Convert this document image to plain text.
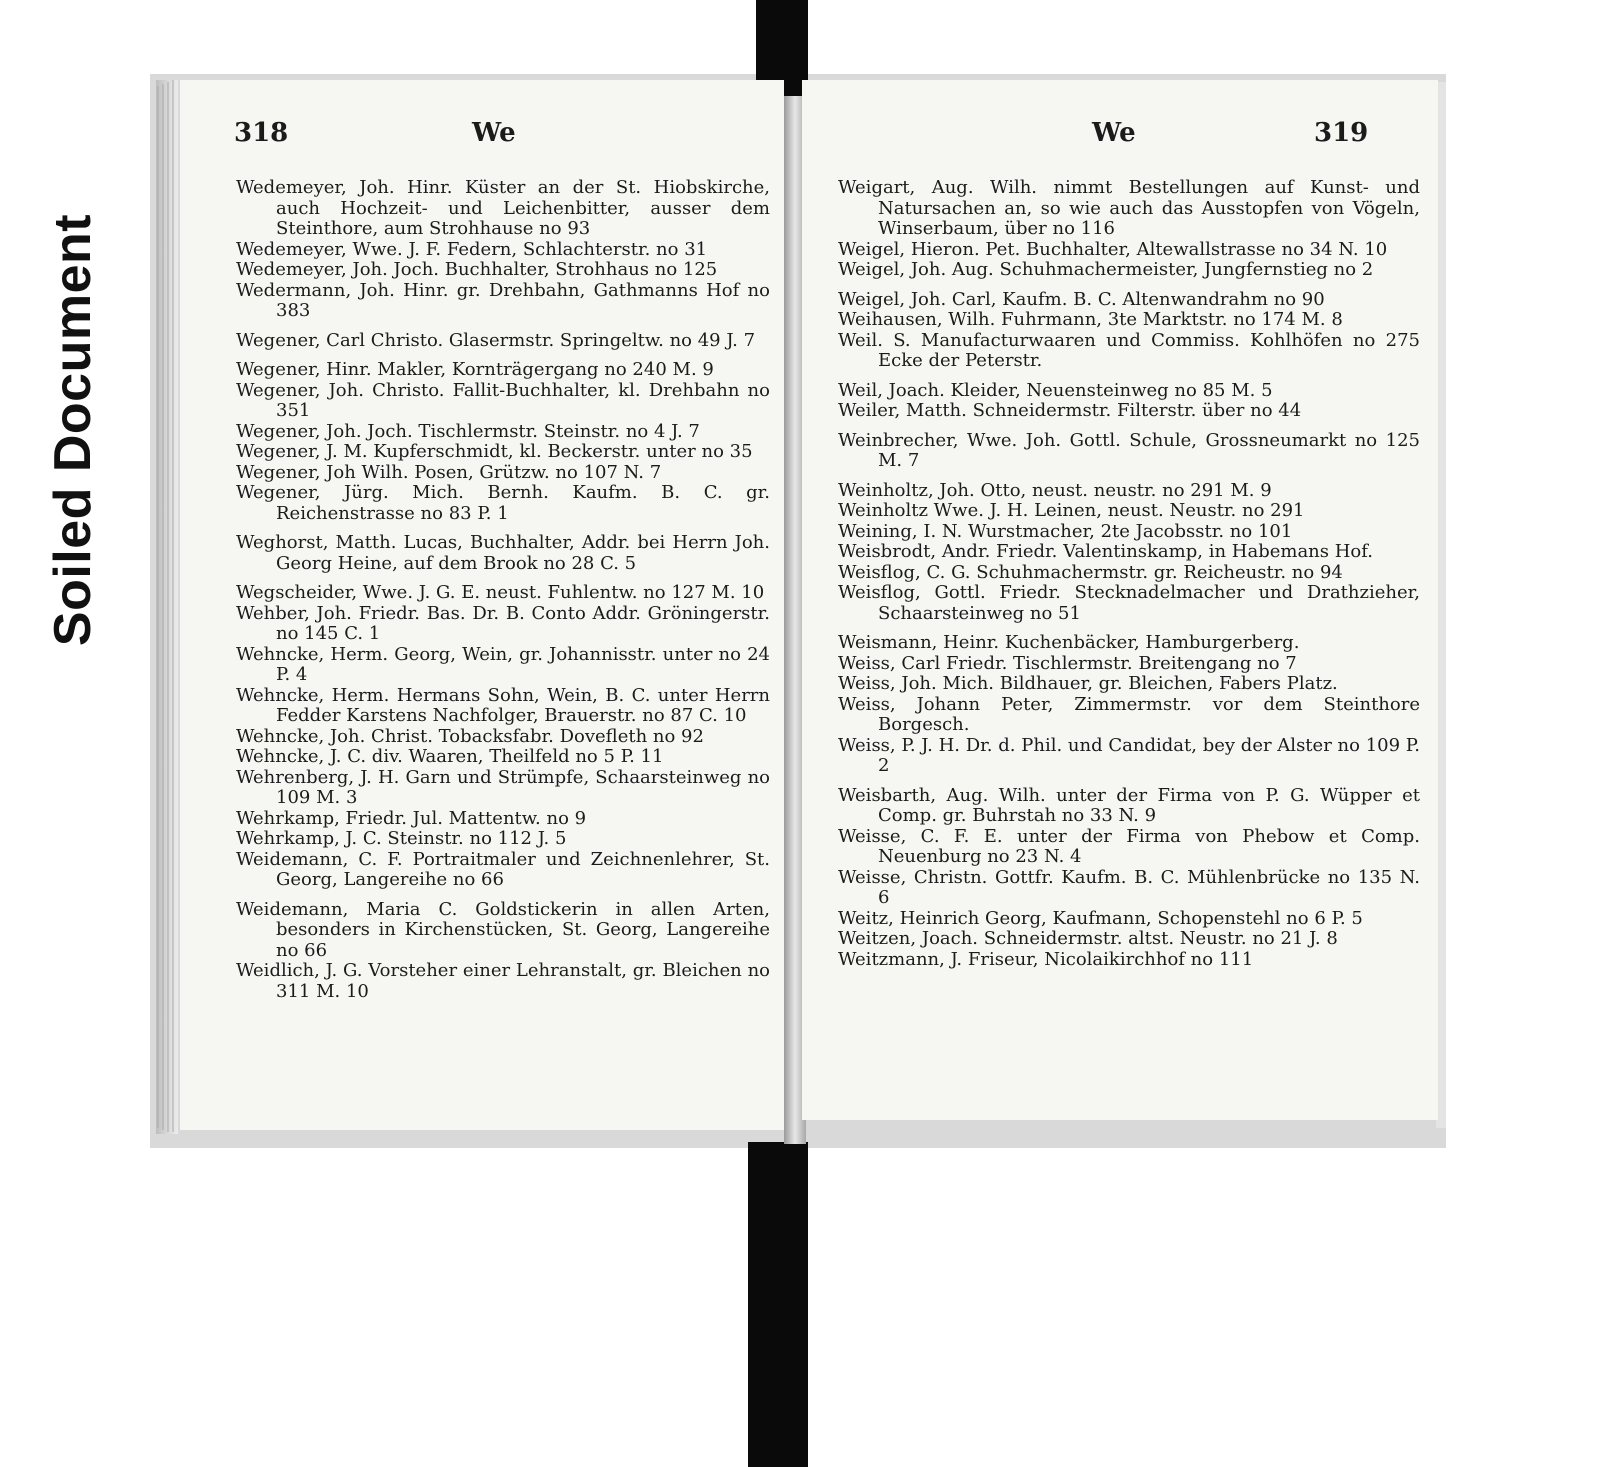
Soiled Document
318	We
Wedemeyer, Joh. Hinr. Küster an der St. Hiobskirche, auch Hochzeit- und Leichenbitter, ausser dem Steinthore, aum Strohhause no 93
Wedemeyer, Wwe. J. F. Federn, Schlachterstr. no 31
Wedemeyer, Joh. Joch. Buchhalter, Strohhaus no 125
Wedermann, Joh. Hinr. gr. Drehbahn, Gathmanns Hof no 383
Wegener, Carl Christo. Glasermstr. Springeltw. no 49 J. 7
Wegener, Hinr. Makler, Kornträgergang no 240 M. 9
Wegener, Joh. Christo. Fallit-Buchhalter, kl. Drehbahn no 351
Wegener, Joh. Joch. Tischlermstr. Steinstr. no 4 J. 7
Wegener, J. M. Kupferschmidt, kl. Beckerstr. unter no 35
Wegener, Joh Wilh. Posen, Grützw. no 107 N. 7
Wegener, Jürg. Mich. Bernh. Kaufm. B. C. gr. Reichenstrasse no 83 P. 1
Weghorst, Matth. Lucas, Buchhalter, Addr. bei Herrn Joh. Georg Heine, auf dem Brook no 28 C. 5
Wegscheider, Wwe. J. G. E. neust. Fuhlentw. no 127 M. 10
Wehber, Joh. Friedr. Bas. Dr. B. Conto Addr. Gröningerstr. no 145 C. 1
Wehncke, Herm. Georg, Wein, gr. Johannisstr. unter no 24 P. 4
Wehncke, Herm. Hermans Sohn, Wein, B. C. unter Herrn Fedder Karstens Nachfolger, Brauerstr. no 87 C. 10
Wehncke, Joh. Christ. Tobacksfabr. Dovefleth no 92
Wehncke, J. C. div. Waaren, Theilfeld no 5 P. 11
Wehrenberg, J. H. Garn und Strümpfe, Schaarsteinweg no 109 M. 3
Wehrkamp, Friedr. Jul. Mattentw. no 9
Wehrkamp, J. C. Steinstr. no 112 J. 5
Weidemann, C. F. Portraitmaler und Zeichnenlehrer, St. Georg, Langereihe no 66
Weidemann, Maria C. Goldstickerin in allen Arten, besonders in Kirchenstücken, St. Georg, Langereihe no 66
Weidlich, J. G. Vorsteher einer Lehranstalt, gr. Bleichen no 311 M. 10
We	319
Weigart, Aug. Wilh. nimmt Bestellungen auf Kunst- und Natursachen an, so wie auch das Ausstopfen von Vögeln, Winserbaum, über no 116
Weigel, Hieron. Pet. Buchhalter, Altewallstrasse no 34 N. 10
Weigel, Joh. Aug. Schuhmachermeister, Jungfernstieg no 2
Weigel, Joh. Carl, Kaufm. B. C. Altenwandrahm no 90
Weihausen, Wilh. Fuhrmann, 3te Marktstr. no 174 M. 8
Weil. S. Manufacturwaaren und Commiss. Kohlhöfen no 275 Ecke der Peterstr.
Weil, Joach. Kleider, Neuensteinweg no 85 M. 5
Weiler, Matth. Schneidermstr. Filterstr. über no 44
Weinbrecher, Wwe. Joh. Gottl. Schule, Grossneumarkt no 125 M. 7
Weinholtz, Joh. Otto, neust. neustr. no 291 M. 9
Weinholtz Wwe. J. H. Leinen, neust. Neustr. no 291
Weining, I. N. Wurstmacher, 2te Jacobsstr. no 101
Weisbrodt, Andr. Friedr. Valentinskamp, in Habemans Hof.
Weisflog, C. G. Schuhmachermstr. gr. Reicheustr. no 94
Weisflog, Gottl. Friedr. Stecknadelmacher und Drathzieher, Schaarsteinweg no 51
Weismann, Heinr. Kuchenbäcker, Hamburgerberg.
Weiss, Carl Friedr. Tischlermstr. Breitengang no 7
Weiss, Joh. Mich. Bildhauer, gr. Bleichen, Fabers Platz.
Weiss, Johann Peter, Zimmermstr. vor dem Steinthore Borgesch.
Weiss, P. J. H. Dr. d. Phil. und Candidat, bey der Alster no 109 P. 2
Weisbarth, Aug. Wilh. unter der Firma von P. G. Wüpper et Comp. gr. Buhrstah no 33 N. 9
Weisse, C. F. E. unter der Firma von Phebow et Comp. Neuenburg no 23 N. 4
Weisse, Christn. Gottfr. Kaufm. B. C. Mühlenbrücke no 135 N. 6
Weitz, Heinrich Georg, Kaufmann, Schopenstehl no 6 P. 5
Weitzen, Joach. Schneidermstr. altst. Neustr. no 21 J. 8
Weitzmann, J. Friseur, Nicolaikirchhof no 111
